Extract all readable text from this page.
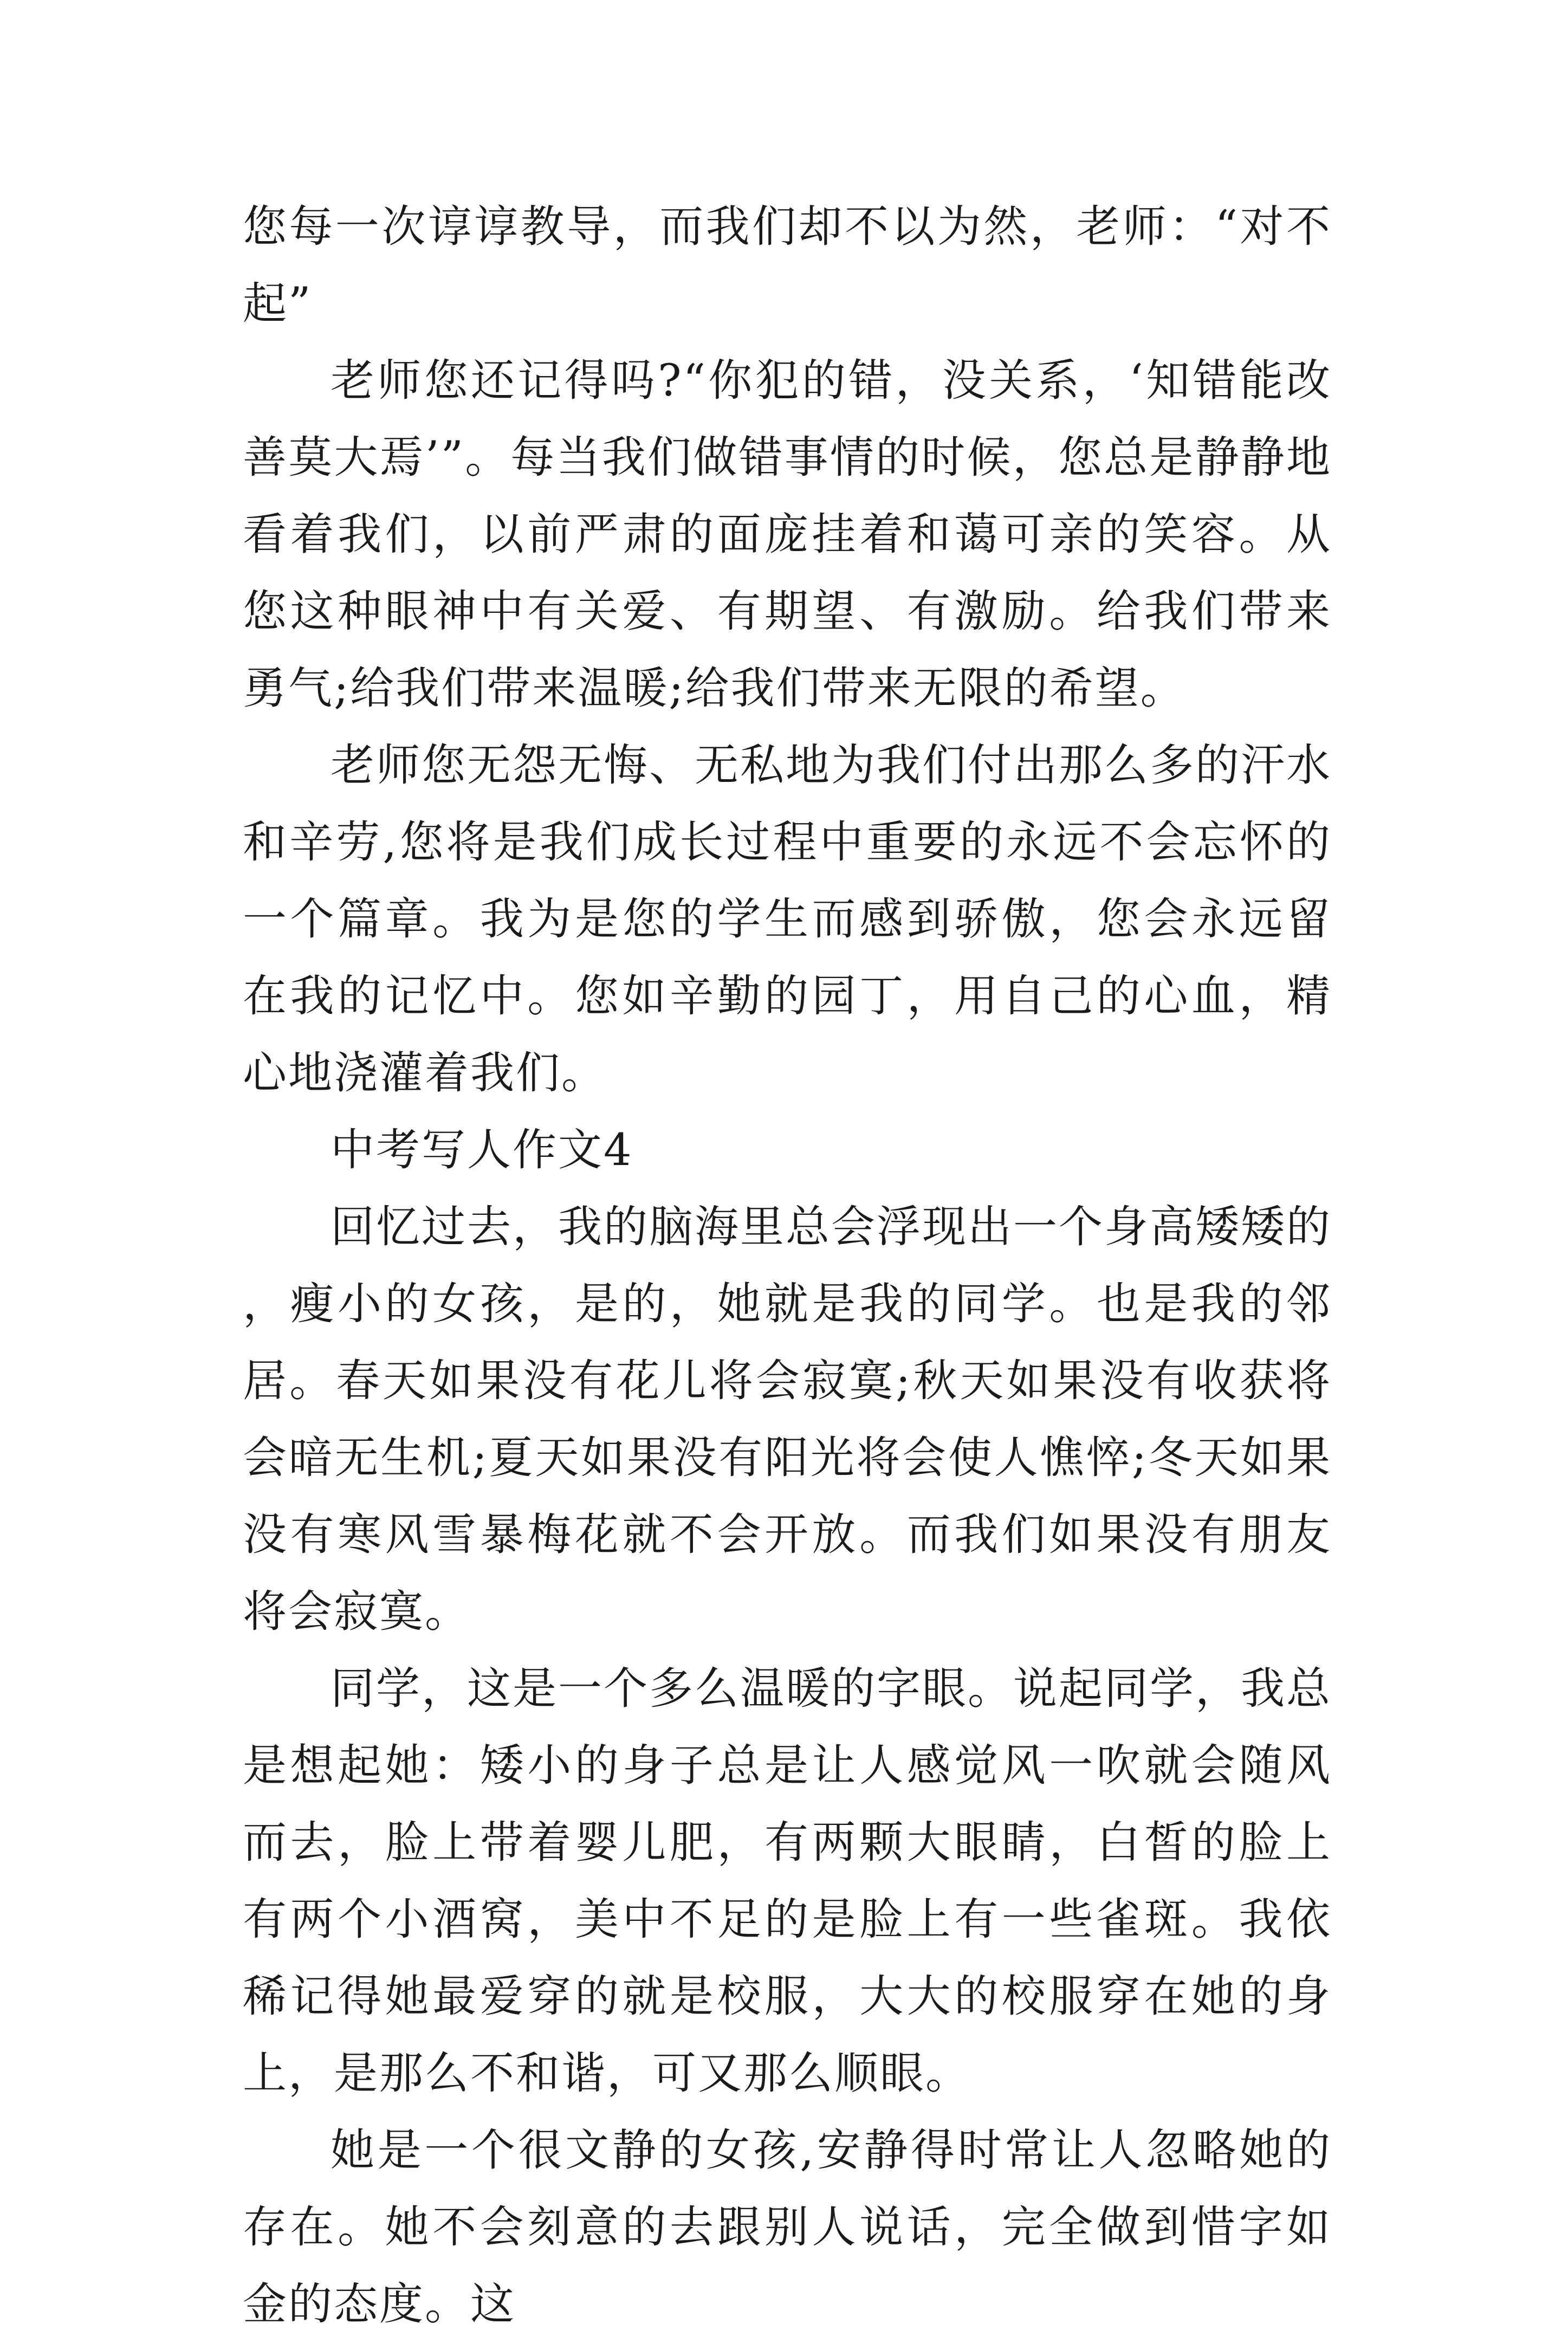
您每一次谆谆教导，而我们却不以为然，老师：“对不起”

老师您还记得吗?“你犯的错，没关系，‘知错能改善莫大焉’”。每当我们做错事情的时候，您总是静静地看着我们，以前严肃的面庞挂着和蔼可亲的笑容。从您这种眼神中有关爱、有期望、有激励。给我们带来勇气;给我们带来温暖;给我们带来无限的希望。

老师您无怨无悔、无私地为我们付出那么多的汗水和辛劳,您将是我们成长过程中重要的永远不会忘怀的一个篇章。我为是您的学生而感到骄傲，您会永远留在我的记忆中。您如辛勤的园丁，用自己的心血，精心地浇灌着我们。

中考写人作文4

回忆过去，我的脑海里总会浮现出一个身高矮矮的，瘦小的女孩，是的，她就是我的同学。也是我的邻居。春天如果没有花儿将会寂寞;秋天如果没有收获将会暗无生机;夏天如果没有阳光将会使人憔悴;冬天如果没有寒风雪暴梅花就不会开放。而我们如果没有朋友将会寂寞。

同学，这是一个多么温暖的字眼。说起同学，我总是想起她：矮小的身子总是让人感觉风一吹就会随风而去，脸上带着婴儿肥，有两颗大眼睛，白皙的脸上有两个小酒窝，美中不足的是脸上有一些雀斑。我依稀记得她最爱穿的就是校服，大大的校服穿在她的身上，是那么不和谐，可又那么顺眼。

她是一个很文静的女孩,安静得时常让人忽略她的存在。她不会刻意的去跟别人说话，完全做到惜字如金的态度。这
